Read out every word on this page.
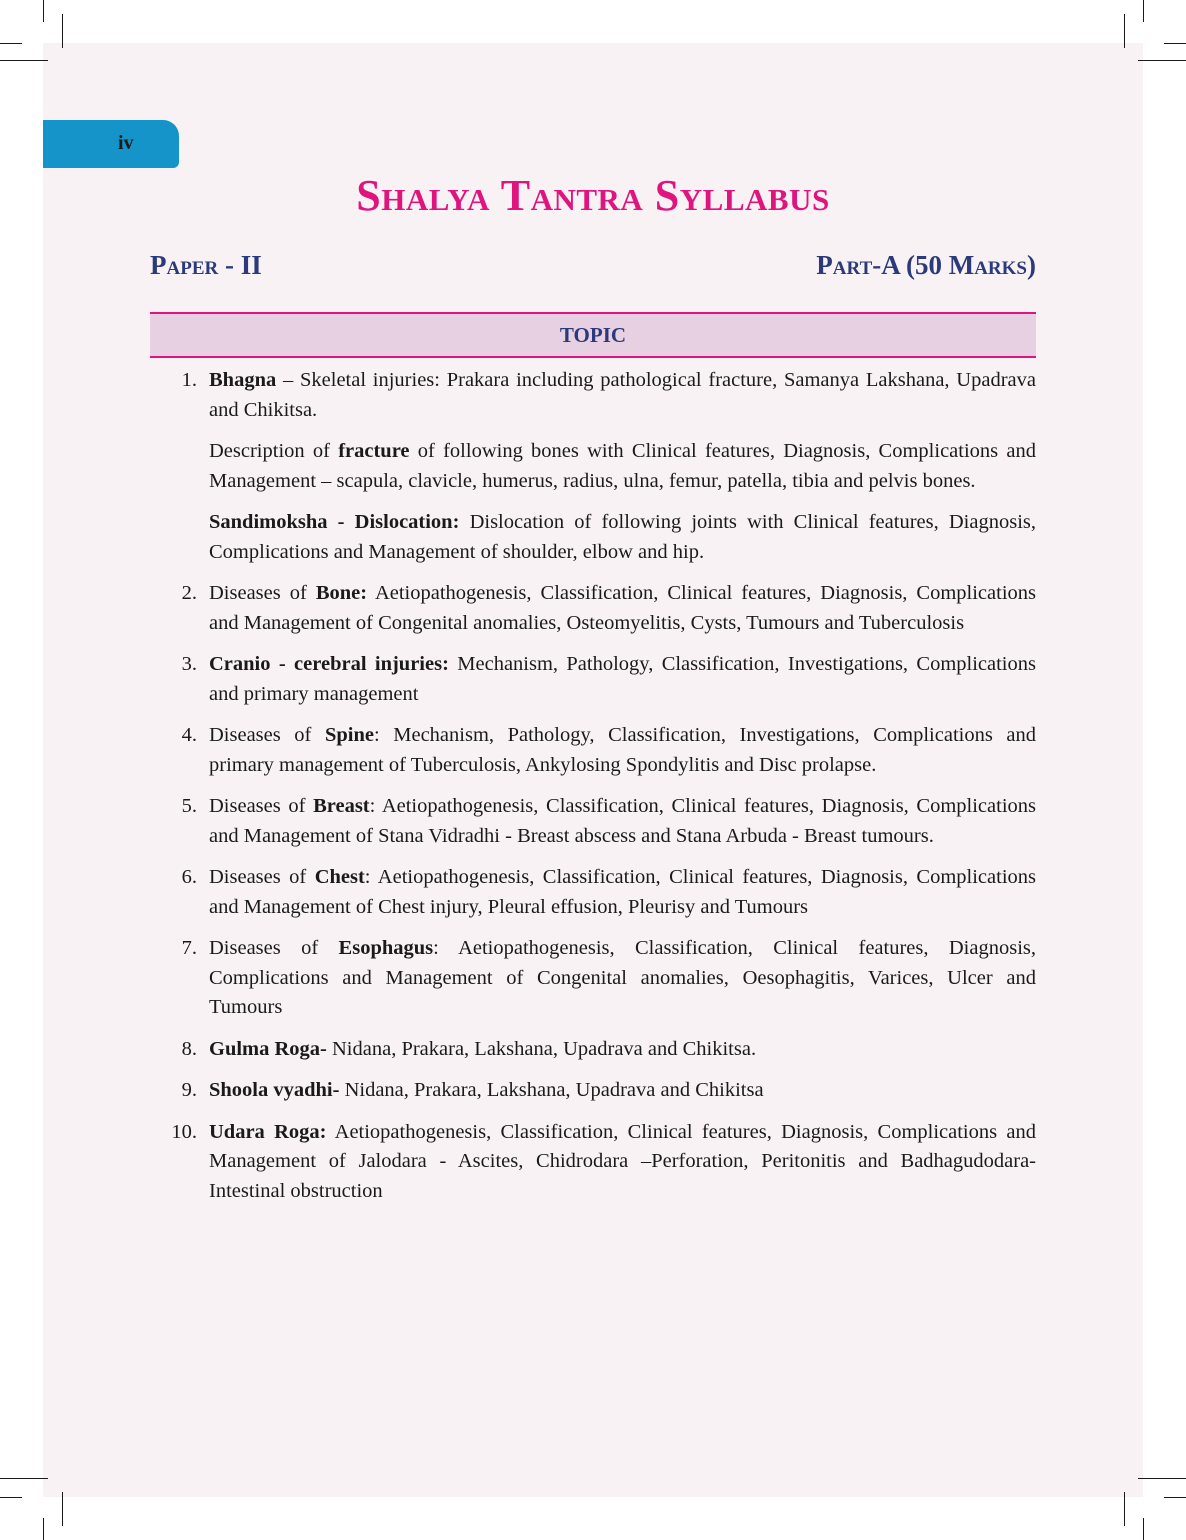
iv
Shalya Tantra Syllabus
Paper - II	Part-A (50 Marks)
TOPIC
1. Bhagna – Skeletal injuries: Prakara including pathological fracture, Samanya Lakshana, Upadrava and Chikitsa.

Description of fracture of following bones with Clinical features, Diagnosis, Complications and Management – scapula, clavicle, humerus, radius, ulna, femur, patella, tibia and pelvis bones.

Sandimoksha - Dislocation: Dislocation of following joints with Clinical features, Diagnosis, Complications and Management of shoulder, elbow and hip.

2. Diseases of Bone: Aetiopathogenesis, Classification, Clinical features, Diagnosis, Complications and Management of Congenital anomalies, Osteomyelitis, Cysts, Tumours and Tuberculosis

3. Cranio - cerebral injuries: Mechanism, Pathology, Classification, Investigations, Complications and primary management

4. Diseases of Spine: Mechanism, Pathology, Classification, Investigations, Complications and primary management of Tuberculosis, Ankylosing Spondylitis and Disc prolapse.

5. Diseases of Breast: Aetiopathogenesis, Classification, Clinical features, Diagnosis, Complications and Management of Stana Vidradhi - Breast abscess and Stana Arbuda - Breast tumours.

6. Diseases of Chest: Aetiopathogenesis, Classification, Clinical features, Diagnosis, Complications and Management of Chest injury, Pleural effusion, Pleurisy and Tumours

7. Diseases of Esophagus: Aetiopathogenesis, Classification, Clinical features, Diagnosis, Complications and Management of Congenital anomalies, Oesophagitis, Varices, Ulcer and Tumours

8. Gulma Roga- Nidana, Prakara, Lakshana, Upadrava and Chikitsa.

9. Shoola vyadhi- Nidana, Prakara, Lakshana, Upadrava and Chikitsa

10. Udara Roga: Aetiopathogenesis, Classification, Clinical features, Diagnosis, Complications and Management of Jalodara - Ascites, Chidrodara –Perforation, Peritonitis and Badhagudodara-Intestinal obstruction
